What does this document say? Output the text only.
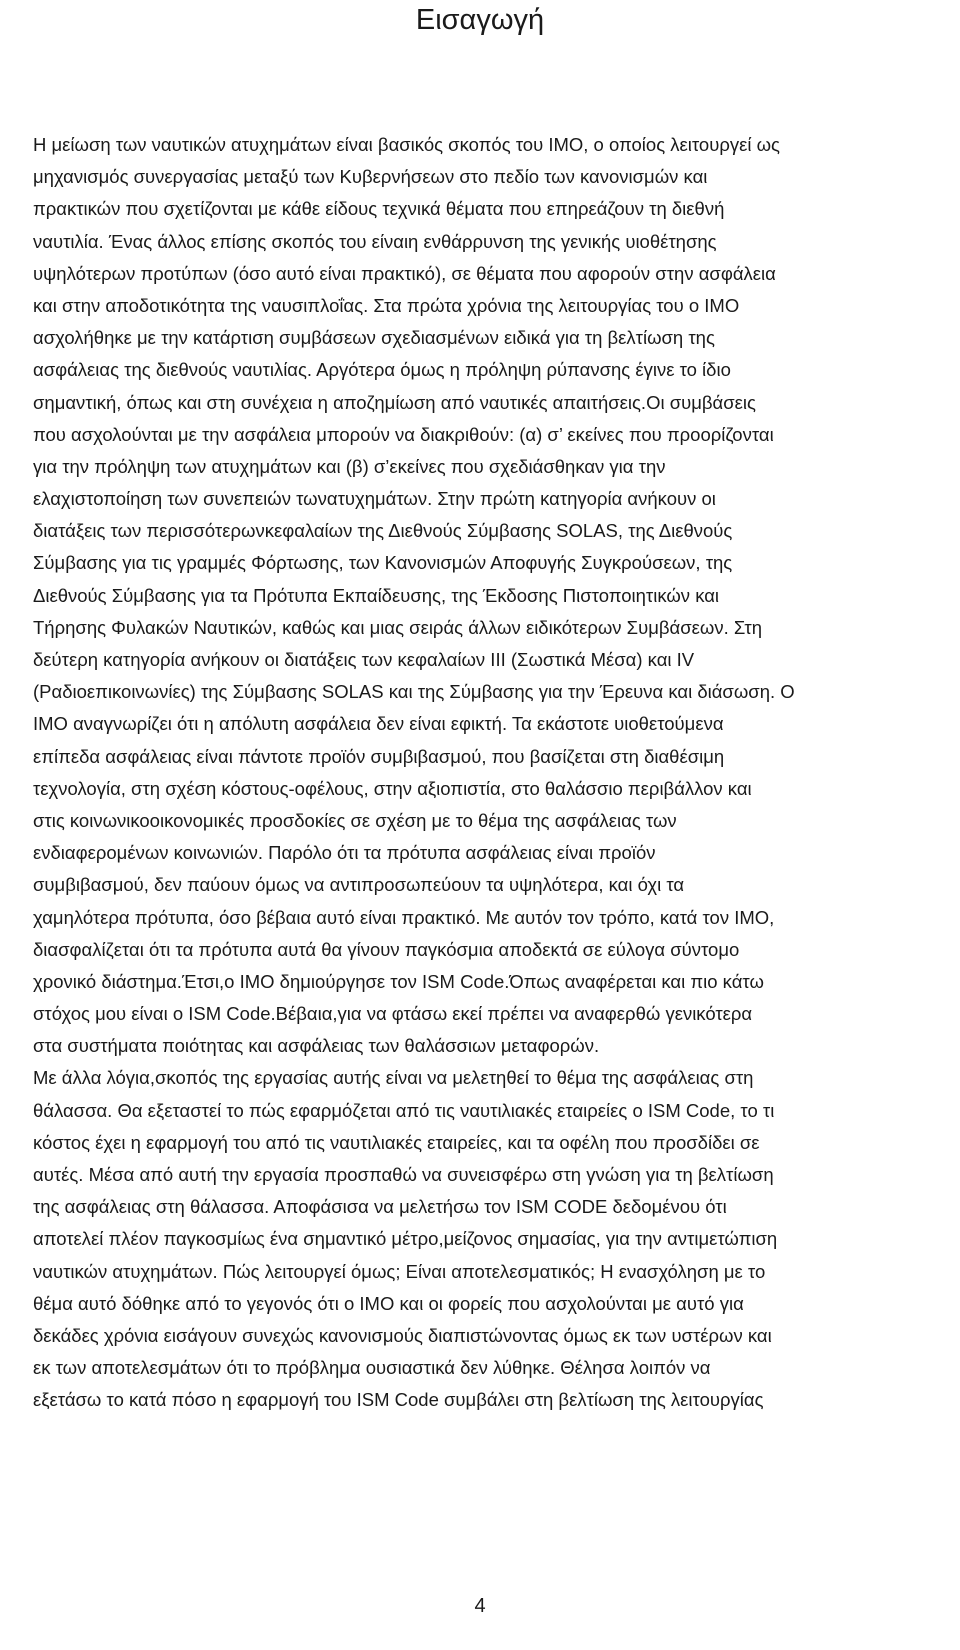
Εισαγωγή
Η μείωση των ναυτικών ατυχημάτων είναι βασικός σκοπός του ΙΜΟ, ο οποίος λειτουργεί ως
μηχανισμός συνεργασίας μεταξύ των Κυβερνήσεων στο πεδίο των κανονισμών και
πρακτικών που σχετίζονται με κάθε είδους τεχνικά θέματα που επηρεάζουν τη διεθνή
ναυτιλία. Ένας άλλος επίσης σκοπός του είναιη ενθάρρυνση της γενικής υιοθέτησης
υψηλότερων προτύπων (όσο αυτό είναι πρακτικό), σε θέματα που αφορούν στην ασφάλεια
και στην αποδοτικότητα της ναυσιπλοΐας. Στα πρώτα χρόνια της λειτουργίας του ο ΙΜΟ
ασχολήθηκε με την κατάρτιση συμβάσεων σχεδιασμένων ειδικά για τη βελτίωση της
ασφάλειας της διεθνούς ναυτιλίας. Αργότερα όμως η πρόληψη ρύπανσης έγινε το ίδιο
σημαντική, όπως και στη συνέχεια η αποζημίωση από ναυτικές απαιτήσεις.Οι συμβάσεις
που ασχολούνται με την ασφάλεια μπορούν να διακριθούν: (α) σ’ εκείνες που προορίζονται
για την πρόληψη των ατυχημάτων και (β) σ’εκείνες που σχεδιάσθηκαν για την
ελαχιστοποίηση των συνεπειών τωνατυχημάτων. Στην πρώτη κατηγορία ανήκουν οι
διατάξεις των περισσότερωνκεφαλαίων της Διεθνούς Σύμβασης SOLAS, της Διεθνούς
Σύμβασης για τις γραμμές Φόρτωσης, των Κανονισμών Αποφυγής Συγκρούσεων, της
Διεθνούς Σύμβασης για τα Πρότυπα Εκπαίδευσης, της Έκδοσης Πιστοποιητικών και
Τήρησης Φυλακών Ναυτικών, καθώς και μιας σειράς άλλων ειδικότερων Συμβάσεων. Στη
δεύτερη κατηγορία ανήκουν οι διατάξεις των κεφαλαίων ΙΙΙ (Σωστικά Μέσα) και ΙV
(Ραδιοεπικοινωνίες) της Σύμβασης SOLAS και της Σύμβασης για την Έρευνα και διάσωση. Ο
ΙΜΟ αναγνωρίζει ότι η απόλυτη ασφάλεια δεν είναι εφικτή. Τα εκάστοτε υιοθετούμενα
επίπεδα ασφάλειας είναι πάντοτε προϊόν συμβιβασμού, που βασίζεται στη διαθέσιμη
τεχνολογία, στη σχέση κόστους-οφέλους, στην αξιοπιστία, στο θαλάσσιο περιβάλλον και
στις κοινωνικοοικονομικές προσδοκίες σε σχέση με το θέμα της ασφάλειας των
ενδιαφερομένων κοινωνιών. Παρόλο ότι τα πρότυπα ασφάλειας είναι προϊόν
συμβιβασμού, δεν παύουν όμως να αντιπροσωπεύουν τα υψηλότερα, και όχι τα
χαμηλότερα πρότυπα, όσο βέβαια αυτό είναι πρακτικό. Με αυτόν τον τρόπο, κατά τον ΙΜΟ,
διασφαλίζεται ότι τα πρότυπα αυτά θα γίνουν παγκόσμια αποδεκτά σε εύλογα σύντομο
χρονικό διάστημα.Έτσι,ο IMO δημιούργησε τον ISM Code.Όπως αναφέρεται και πιο κάτω
στόχος μου είναι ο ISM Code.Βέβαια,για να φτάσω εκεί πρέπει να αναφερθώ γενικότερα
στα συστήματα ποιότητας και ασφάλειας των θαλάσσιων μεταφορών.
Με άλλα λόγια,σκοπός της εργασίας αυτής είναι να μελετηθεί το θέμα της ασφάλειας στη
θάλασσα. Θα εξεταστεί το πώς εφαρμόζεται από τις ναυτιλιακές εταιρείες ο ISM Code, το τι
κόστος έχει η εφαρμογή του από τις ναυτιλιακές εταιρείες, και τα οφέλη που προσδίδει σε
αυτές. Μέσα από αυτή την εργασία προσπαθώ να συνεισφέρω στη γνώση για τη βελτίωση
της ασφάλειας στη θάλασσα. Αποφάσισα να μελετήσω τον ISM CODE δεδομένου ότι
αποτελεί πλέον παγκοσμίως ένα σημαντικό μέτρο,μείζονος σημασίας, για την αντιμετώπιση
ναυτικών ατυχημάτων. Πώς λειτουργεί όμως; Είναι αποτελεσματικός; Η ενασχόληση με το
θέμα αυτό δόθηκε από το γεγονός ότι ο ΙΜΟ και οι φορείς που ασχολούνται με αυτό για
δεκάδες χρόνια εισάγουν συνεχώς κανονισμούς διαπιστώνοντας όμως εκ των υστέρων και
εκ των αποτελεσμάτων ότι το πρόβλημα ουσιαστικά δεν λύθηκε. Θέλησα λοιπόν να
εξετάσω το κατά πόσο η εφαρμογή του ISM Code συμβάλει στη βελτίωση της λειτουργίας
4
